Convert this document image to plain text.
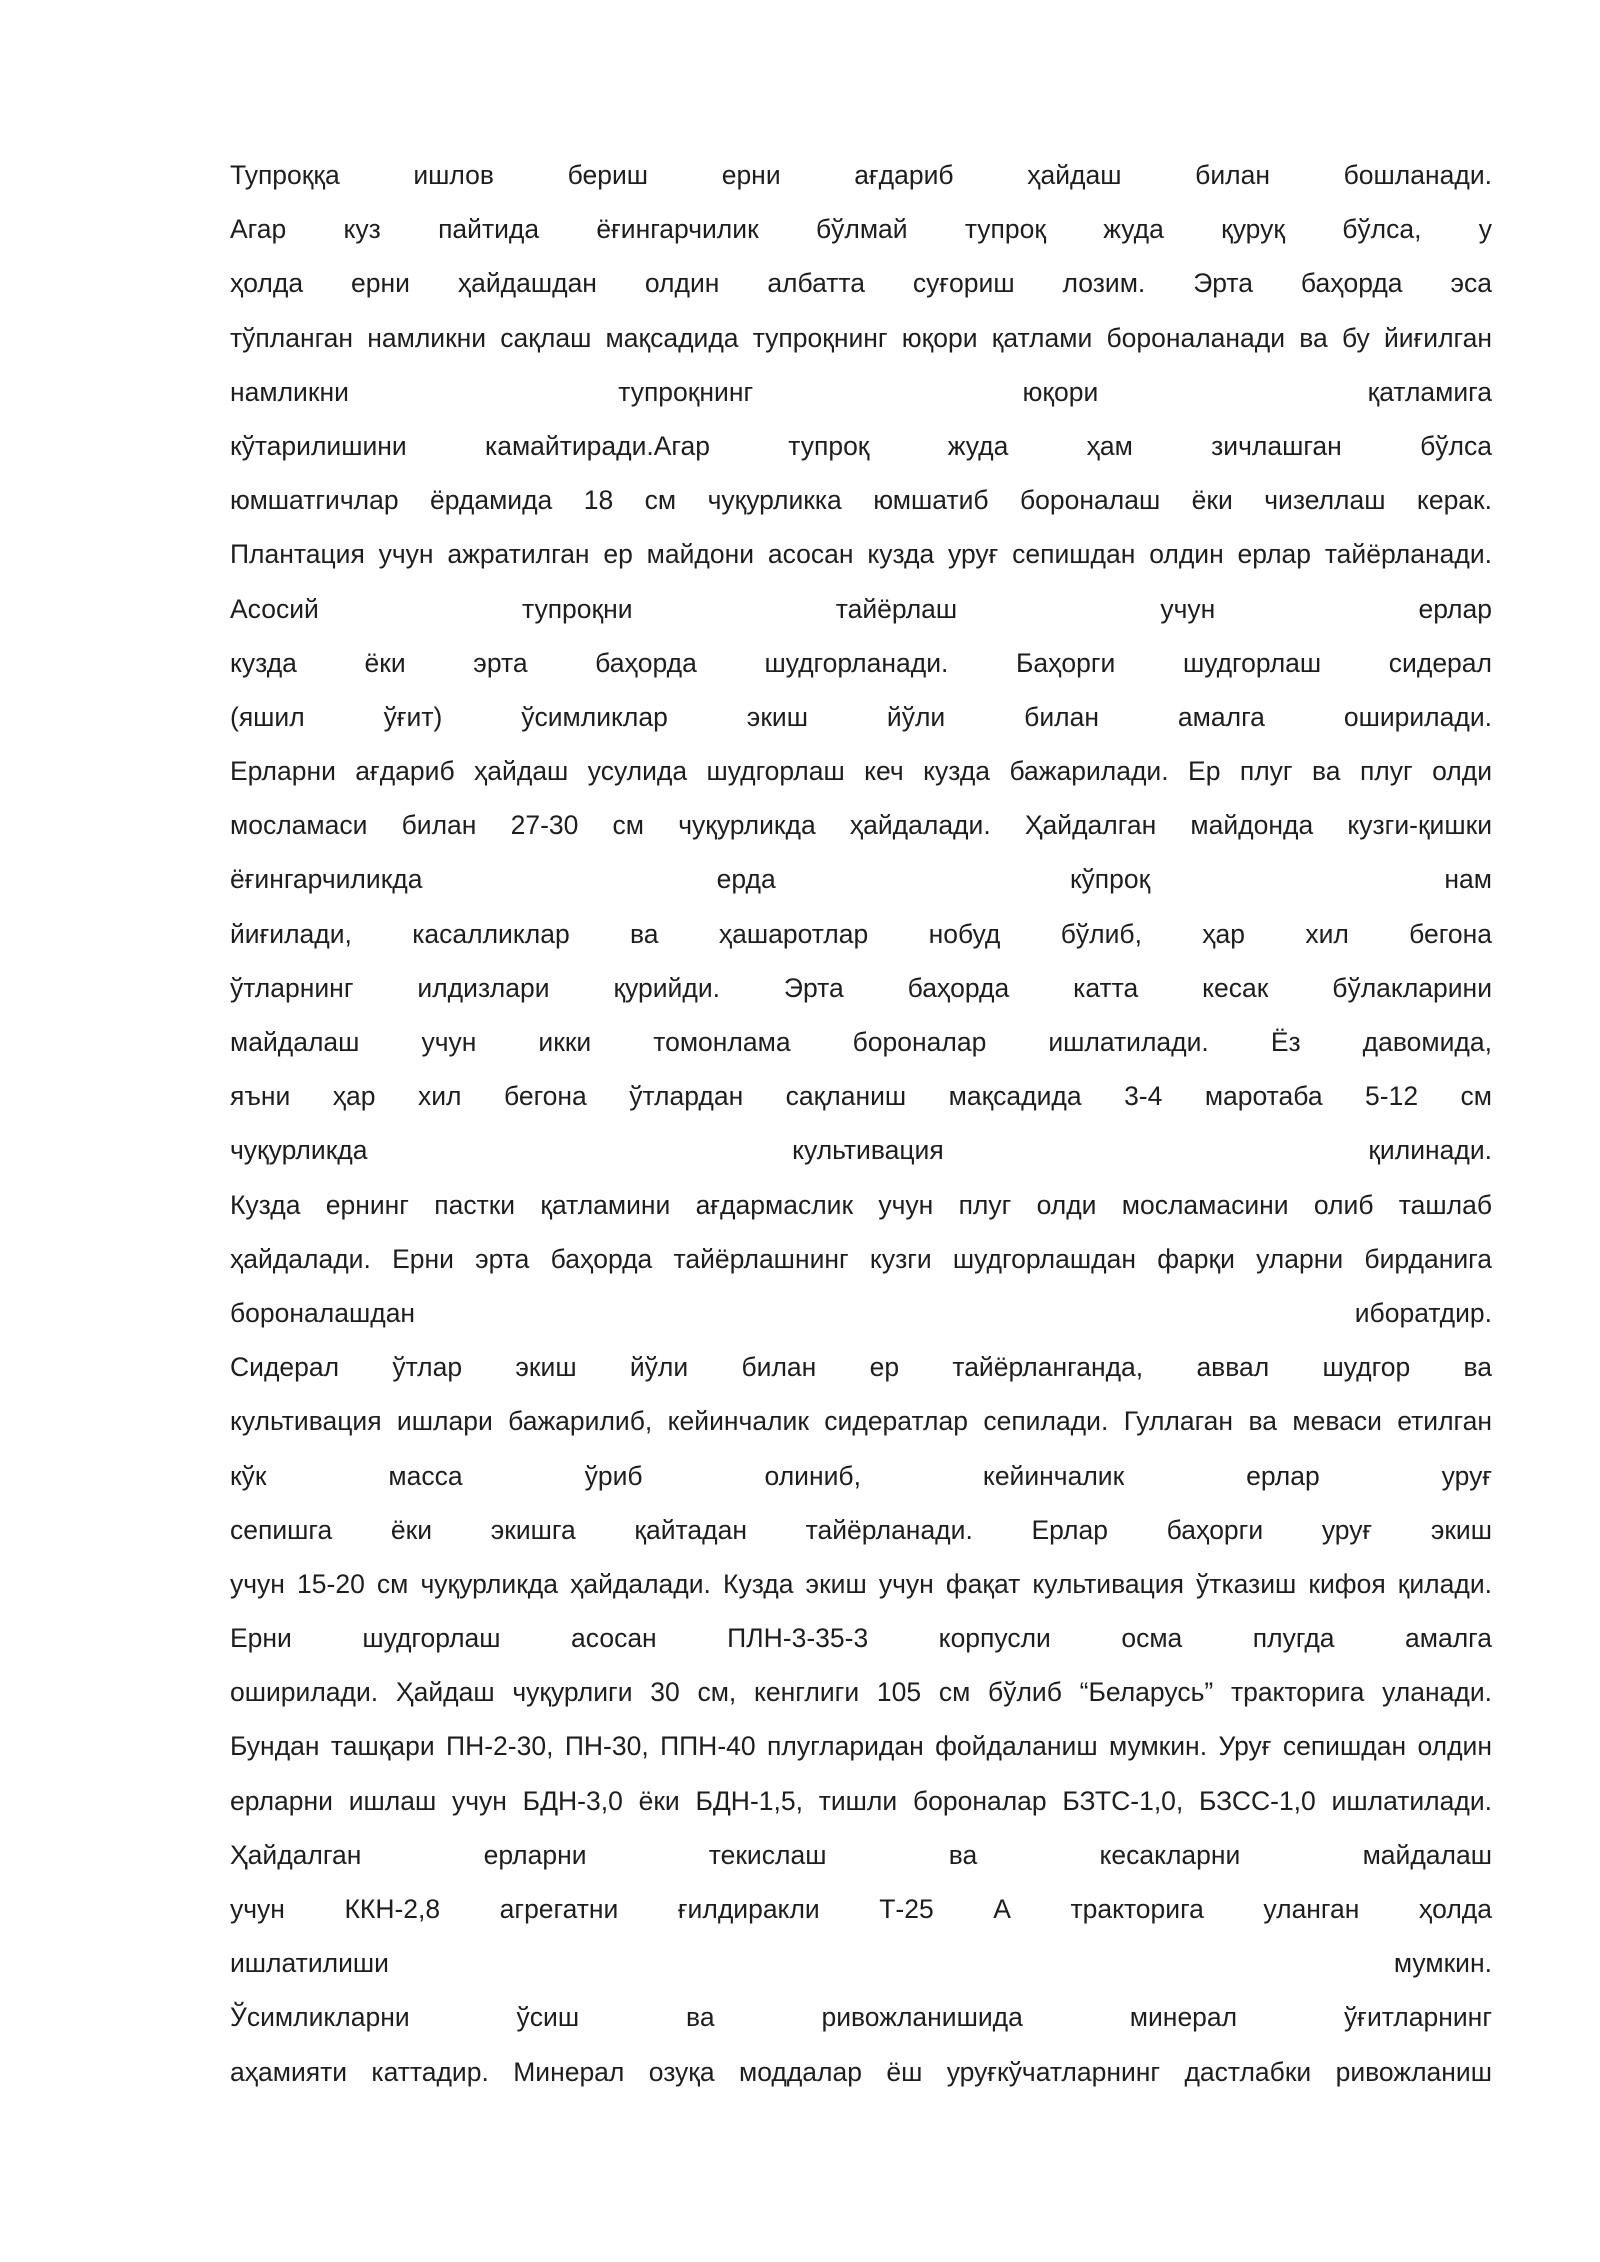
Тупроққа ишлов бериш ерни ағдариб ҳайдаш билан бошланади.
Агар куз пайтида ёғингарчилик бўлмай тупроқ жуда қуруқ бўлса, у
ҳолда ерни ҳайдашдан олдин албатта суғориш лозим. Эрта баҳорда эса
тўпланган намликни сақлаш мақсадида тупроқнинг юқори қатлами бороналанади ва бу йиғилган
намликни тупроқнинг юқори қатламига
кўтарилишини камайтиради.Агар тупроқ жуда ҳам зичлашган бўлса
юмшатгичлар ёрдамида 18 см чуқурликка юмшатиб бороналаш ёки чизеллаш керак.
Плантация учун ажратилган ер майдони асосан кузда уруғ сепишдан олдин ерлар тайёрланади.
Асосий тупроқни тайёрлаш учун ерлар
кузда ёки эрта баҳорда шудгорланади. Баҳорги шудгорлаш сидерал
(яшил ўғит) ўсимликлар экиш йўли билан амалга оширилади.
Ерларни ағдариб ҳайдаш усулида шудгорлаш кеч кузда бажарилади. Ер плуг ва плуг олди
мосламаси билан 27-30 см чуқурликда ҳайдалади. Ҳайдалган майдонда кузги-қишки
ёғингарчиликда ерда кўпроқ нам
йиғилади, касалликлар ва ҳашаротлар нобуд бўлиб, ҳар хил бегона
ўтларнинг илдизлари қурийди. Эрта баҳорда катта кесак бўлакларини
майдалаш учун икки томонлама бороналар ишлатилади. Ёз давомида,
яъни ҳар хил бегона ўтлардан сақланиш мақсадида 3-4 маротаба 5-12 см
чуқурликда культивация қилинади.
Кузда ернинг пастки қатламини ағдармаслик учун плуг олди мосламасини олиб ташлаб
ҳайдалади. Ерни эрта баҳорда тайёрлашнинг кузги шудгорлашдан фарқи уларни бирданига
бороналашдан иборатдир.
Сидерал ўтлар экиш йўли билан ер тайёрланганда, аввал шудгор ва
культивация ишлари бажарилиб, кейинчалик сидератлар сепилади. Гуллаган ва меваси етилган
кўк масса ўриб олиниб, кейинчалик ерлар уруғ
сепишга ёки экишга қайтадан тайёрланади. Ерлар баҳорги уруғ экиш
учун 15-20 см чуқурликда ҳайдалади. Кузда экиш учун фақат культивация ўтказиш кифоя қилади.
Ерни шудгорлаш асосан ПЛН-3-35-3 корпусли осма плугда амалга
оширилади. Ҳайдаш чуқурлиги 30 см, кенглиги 105 см бўлиб “Беларусь” тракторига уланади.
Бундан ташқари ПН-2-30, ПН-30, ППН-40 плугларидан фойдаланиш мумкин. Уруғ сепишдан олдин
ерларни ишлаш учун БДН-3,0 ёки БДН-1,5, тишли бороналар БЗТС-1,0, БЗСС-1,0 ишлатилади.
Ҳайдалган ерларни текислаш ва кесакларни майдалаш
учун ККН-2,8 агрегатни ғилдиракли Т-25 А тракторига уланган ҳолда
ишлатилиши мумкин.
Ўсимликларни ўсиш ва ривожланишида минерал ўғитларнинг
аҳамияти каттадир. Минерал озуқа моддалар ёш уруғкўчатларнинг дастлабки ривожланиш
